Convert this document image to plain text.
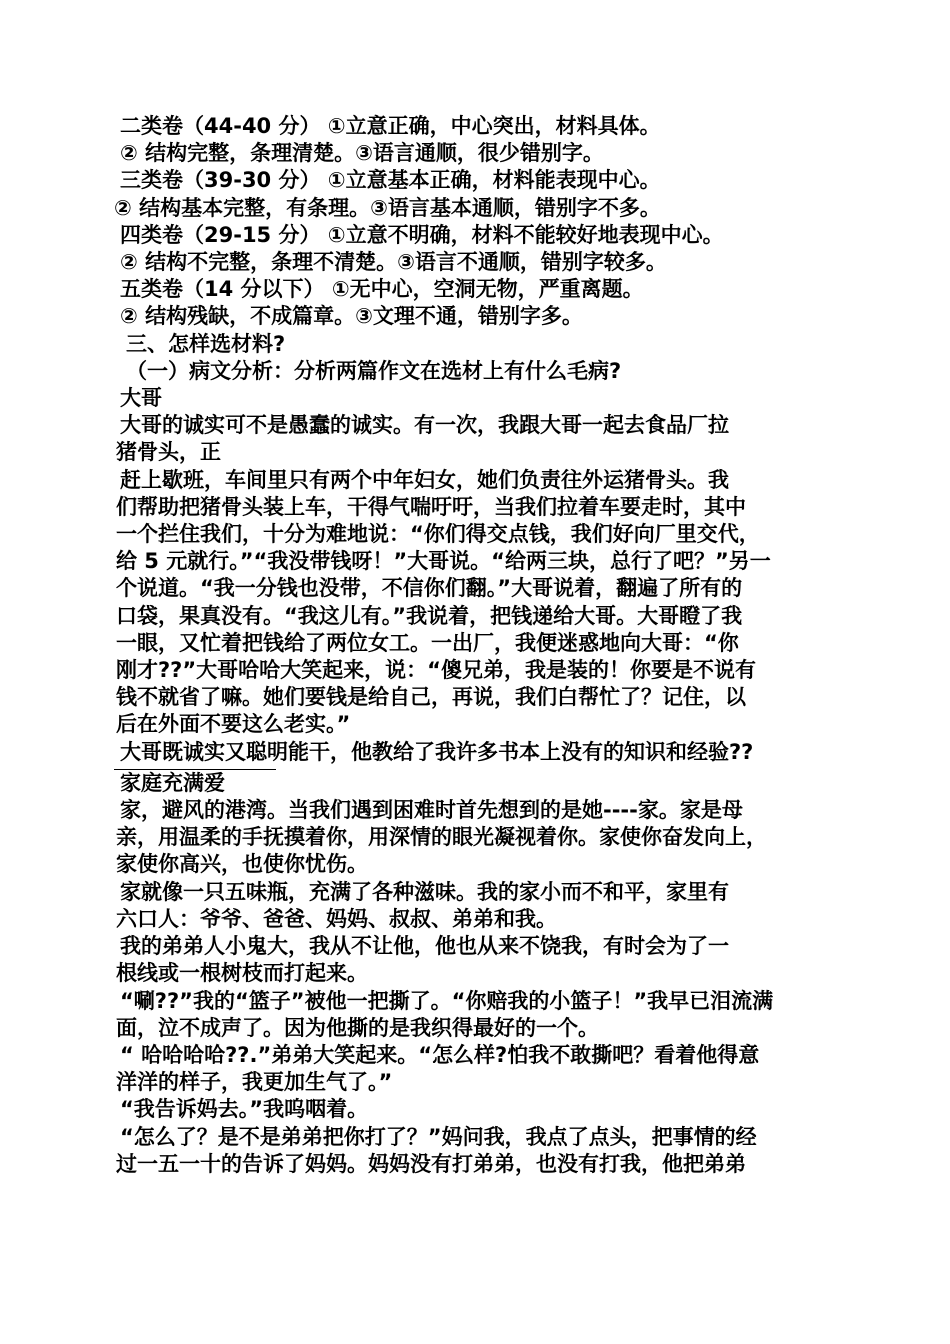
二类卷（44-40 分） ①立意正确，中心突出，材料具体。
② 结构完整，条理清楚。③语言通顺，很少错别字。
三类卷（39-30 分） ①立意基本正确，材料能表现中心。
② 结构基本完整，有条理。③语言基本通顺，错别字不多。
四类卷（29-15 分） ①立意不明确，材料不能较好地表现中心。
② 结构不完整，条理不清楚。③语言不通顺，错别字较多。
五类卷（14 分以下） ①无中心，空洞无物，严重离题。
② 结构残缺，不成篇章。③文理不通，错别字多。
三、怎样选材料?
（一）病文分析：分析两篇作文在选材上有什么毛病?
大哥
大哥的诚实可不是愚蠢的诚实。有一次，我跟大哥一起去食品厂拉
猪骨头，正
赶上歇班，车间里只有两个中年妇女，她们负责往外运猪骨头。我
们帮助把猪骨头装上车，干得气喘吁吁，当我们拉着车要走时，其中
一个拦住我们，十分为难地说：“你们得交点钱，我们好向厂里交代，
给 5 元就行。”“我没带钱呀！”大哥说。“给两三块，总行了吧？”另一
个说道。“我一分钱也没带，不信你们翻。”大哥说着，翻遍了所有的
口袋，果真没有。“我这儿有。”我说着，把钱递给大哥。大哥瞪了我
一眼，又忙着把钱给了两位女工。一出厂，我便迷惑地向大哥：“你
刚才??”大哥哈哈大笑起来，说：“傻兄弟，我是装的！你要是不说有
钱不就省了嘛。她们要钱是给自己，再说，我们白帮忙了？记住，以
后在外面不要这么老实。”
大哥既诚实又聪明能干，他教给了我许多书本上没有的知识和经验??
家庭充满爱
家，避风的港湾。当我们遇到困难时首先想到的是她----家。家是母
亲，用温柔的手抚摸着你，用深情的眼光凝视着你。家使你奋发向上，
家使你高兴，也使你忧伤。
家就像一只五味瓶，充满了各种滋味。我的家小而不和平，家里有
六口人：爷爷、爸爸、妈妈、叔叔、弟弟和我。
我的弟弟人小鬼大，我从不让他，他也从来不饶我，有时会为了一
根线或一根树枝而打起来。
“唰??”我的“篮子”被他一把撕了。“你赔我的小篮子！”我早已泪流满
面，泣不成声了。因为他撕的是我织得最好的一个。
“ 哈哈哈哈??.”弟弟大笑起来。“怎么样?怕我不敢撕吧？看着他得意
洋洋的样子，我更加生气了。”
“我告诉妈去。”我呜咽着。
“怎么了？是不是弟弟把你打了？”妈问我，我点了点头，把事情的经
过一五一十的告诉了妈妈。妈妈没有打弟弟，也没有打我，他把弟弟
